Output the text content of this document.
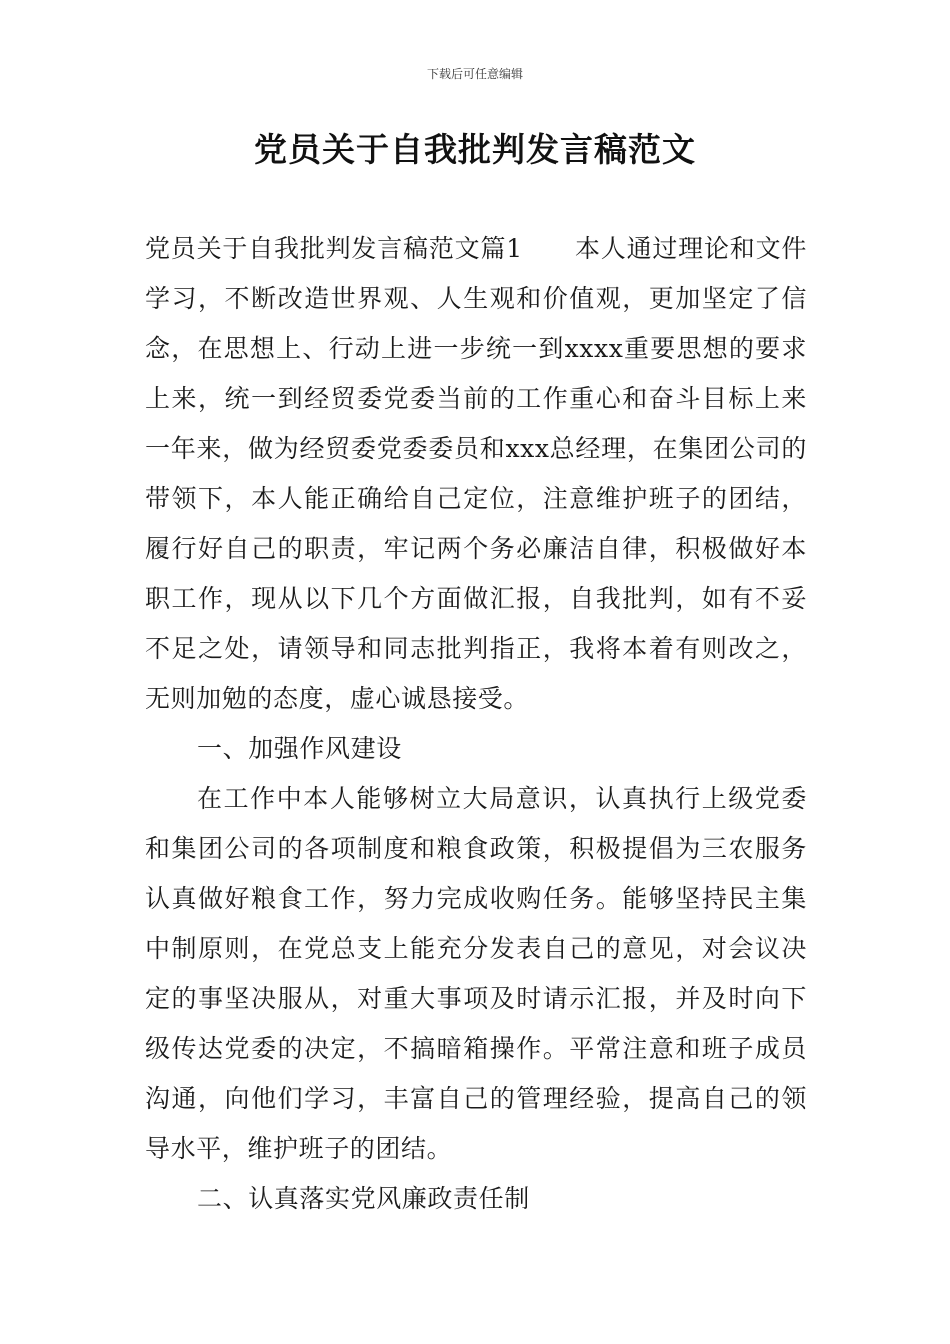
下载后可任意编辑
党员关于自我批判发言稿范文

党员关于自我批判发言稿范文篇1 本人通过理论和文件学习，不断改造世界观、人生观和价值观，更加坚定了信念，在思想上、行动上进一步统一到xxxx重要思想的要求上来，统一到经贸委党委当前的工作重心和奋斗目标上来一年来，做为经贸委党委委员和xxx总经理，在集团公司的带领下，本人能正确给自己定位，注意维护班子的团结，履行好自己的职责，牢记两个务必廉洁自律，积极做好本职工作，现从以下几个方面做汇报，自我批判，如有不妥不足之处，请领导和同志批判指正，我将本着有则改之，无则加勉的态度，虚心诚恳接受。

一、加强作风建设

在工作中本人能够树立大局意识，认真执行上级党委和集团公司的各项制度和粮食政策，积极提倡为三农服务认真做好粮食工作，努力完成收购任务。能够坚持民主集中制原则，在党总支上能充分发表自己的意见，对会议决定的事坚决服从，对重大事项及时请示汇报，并及时向下级传达党委的决定，不搞暗箱操作。平常注意和班子成员沟通，向他们学习，丰富自己的管理经验，提高自己的领导水平，维护班子的团结。

二、认真落实党风廉政责任制
